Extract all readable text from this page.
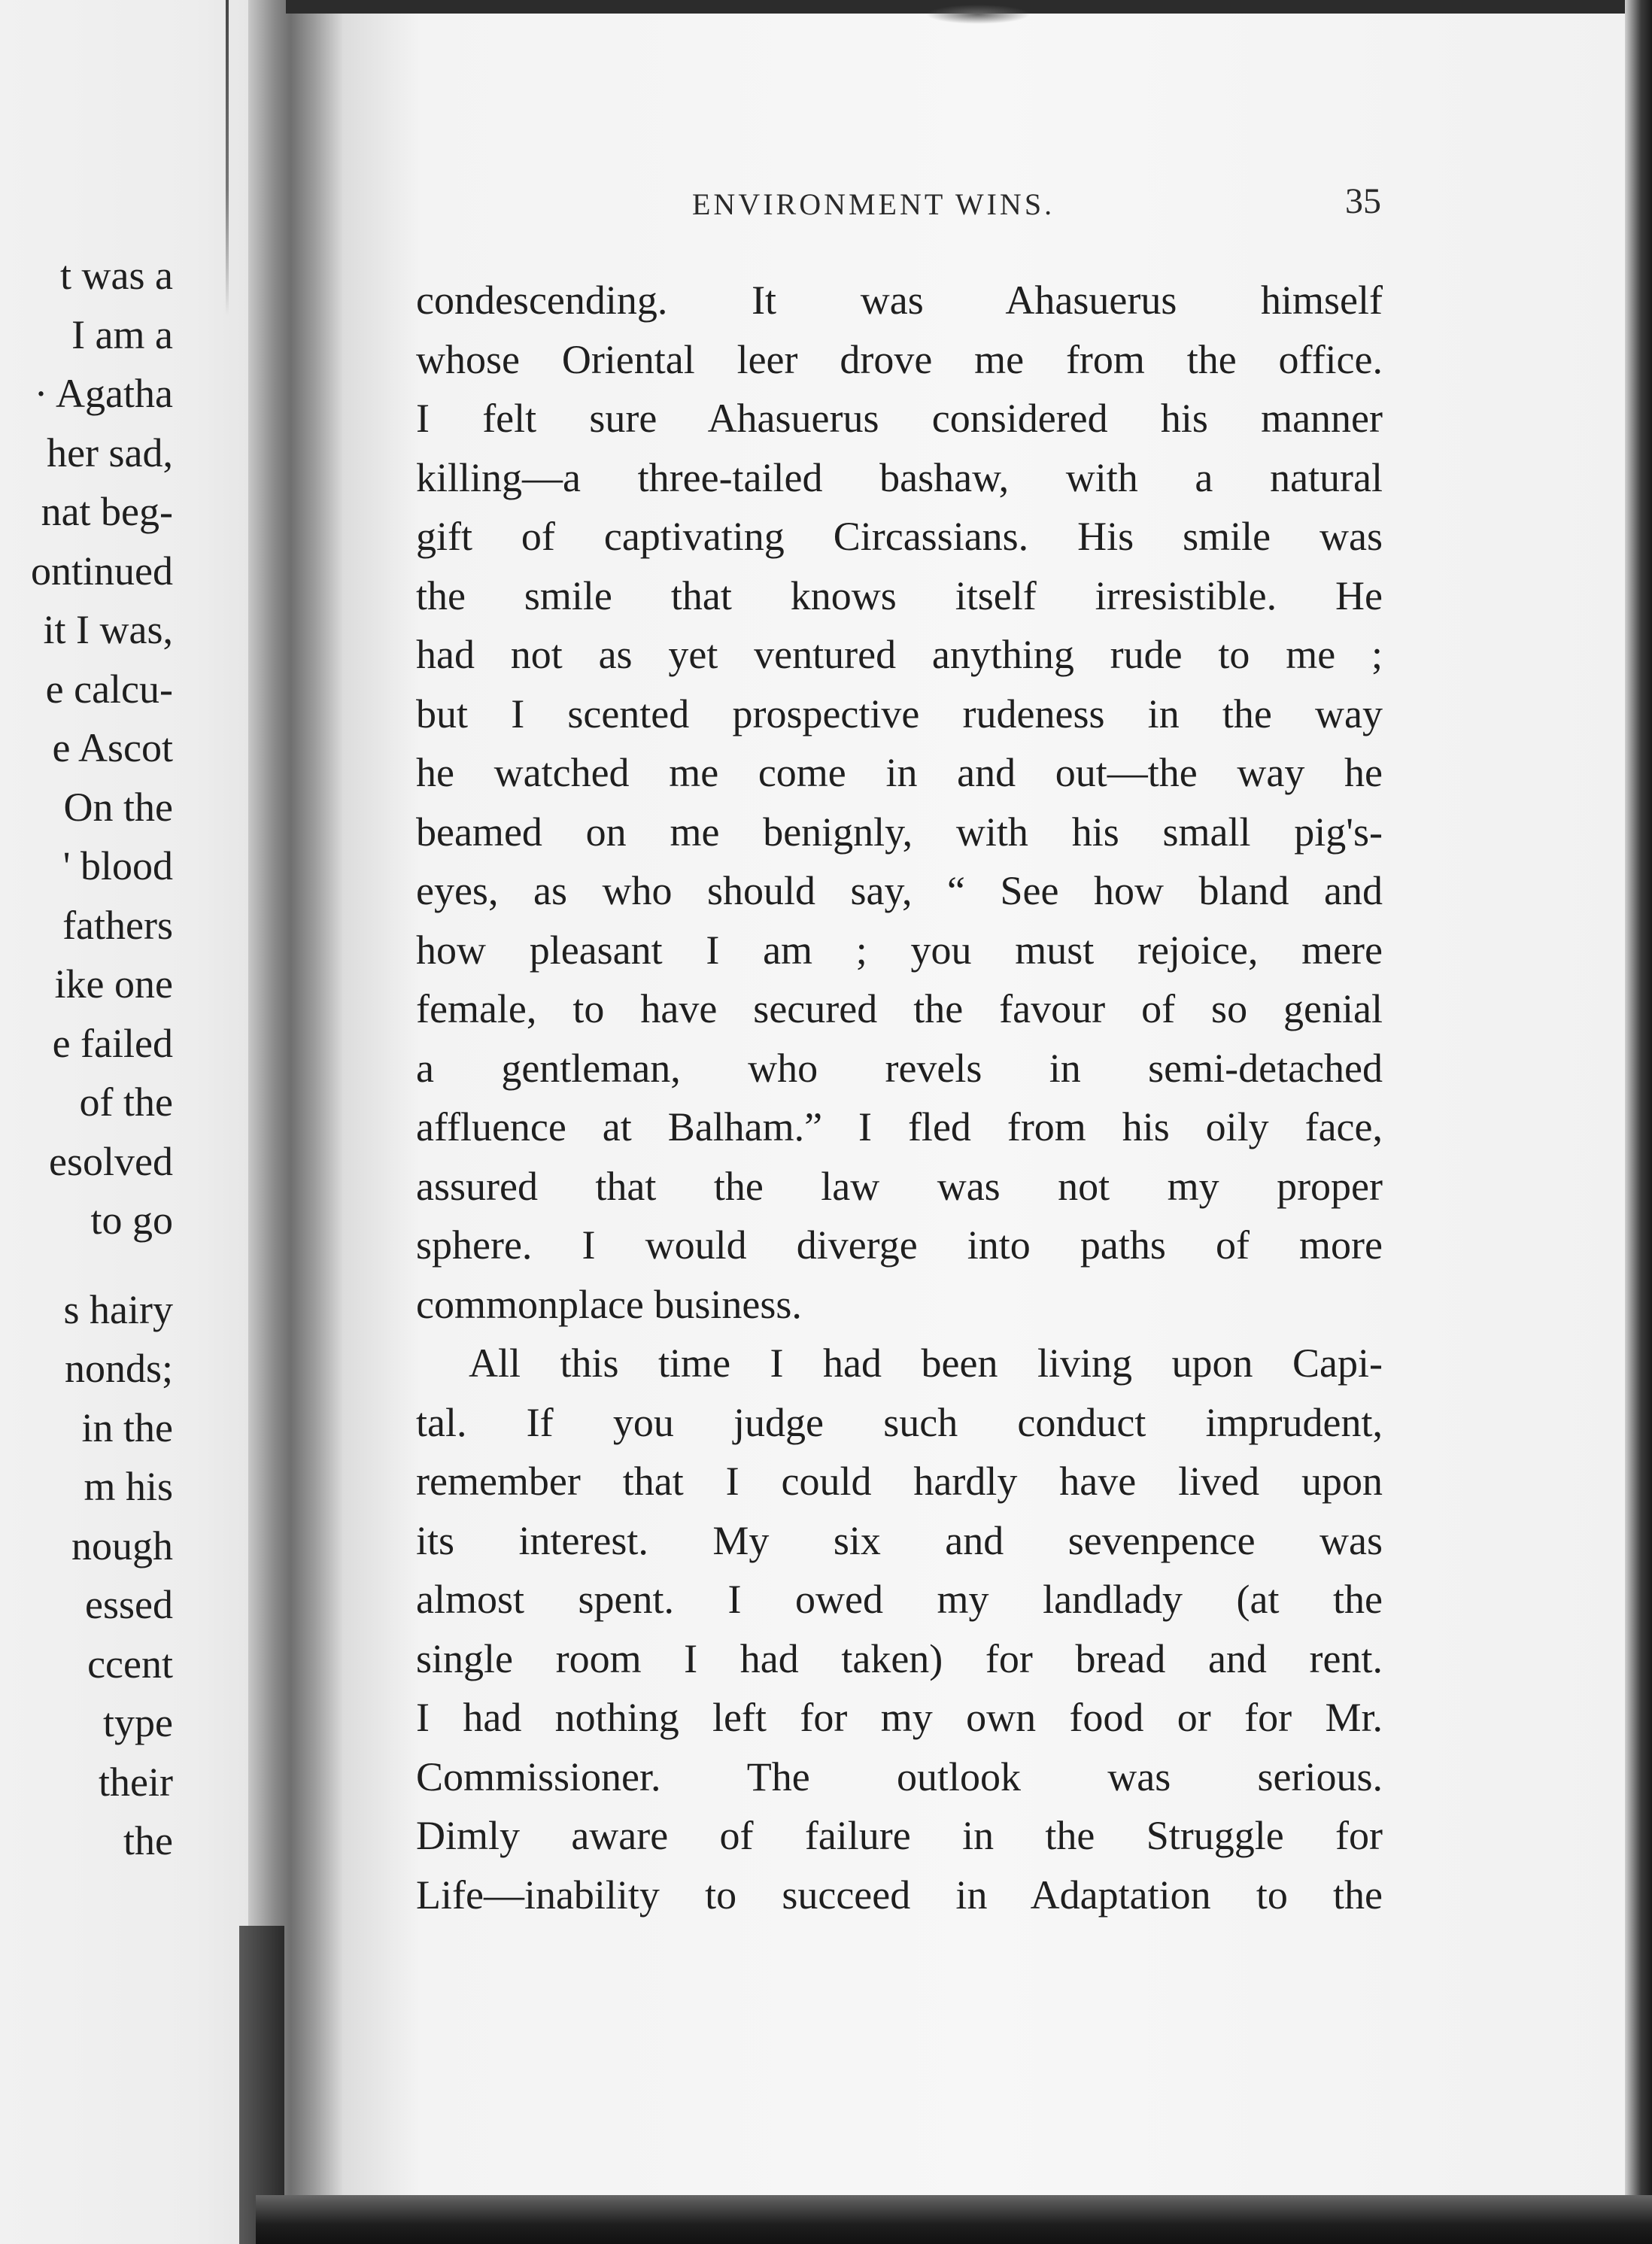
t was a
I am a
· Agatha
her sad,
nat beg-
ontinued
it I was,
e calcu-
e Ascot
On the
' blood
fathers
ike one
e failed
of the
esolved
to go
s hairy
nonds;
in the
m his
nough
essed
ccent
type
their
the
ENVIRONMENT WINS.	35
condescending. It was Ahasuerus himself
whose Oriental leer drove me from the office.
I felt sure Ahasuerus considered his manner
killing—a three-tailed bashaw, with a natural
gift of captivating Circassians. His smile was
the smile that knows itself irresistible. He
had not as yet ventured anything rude to me ;
but I scented prospective rudeness in the way
he watched me come in and out—the way he
beamed on me benignly, with his small pig's-
eyes, as who should say, “ See how bland and
how pleasant I am ; you must rejoice, mere
female, to have secured the favour of so genial
a gentleman, who revels in semi-detached
affluence at Balham.” I fled from his oily face,
assured that the law was not my proper
sphere. I would diverge into paths of more
commonplace business.
All this time I had been living upon Capi-
tal. If you judge such conduct imprudent,
remember that I could hardly have lived upon
its interest. My six and sevenpence was
almost spent. I owed my landlady (at the
single room I had taken) for bread and rent.
I had nothing left for my own food or for Mr.
Commissioner. The outlook was serious.
Dimly aware of failure in the Struggle for
Life—inability to succeed in Adaptation to the
